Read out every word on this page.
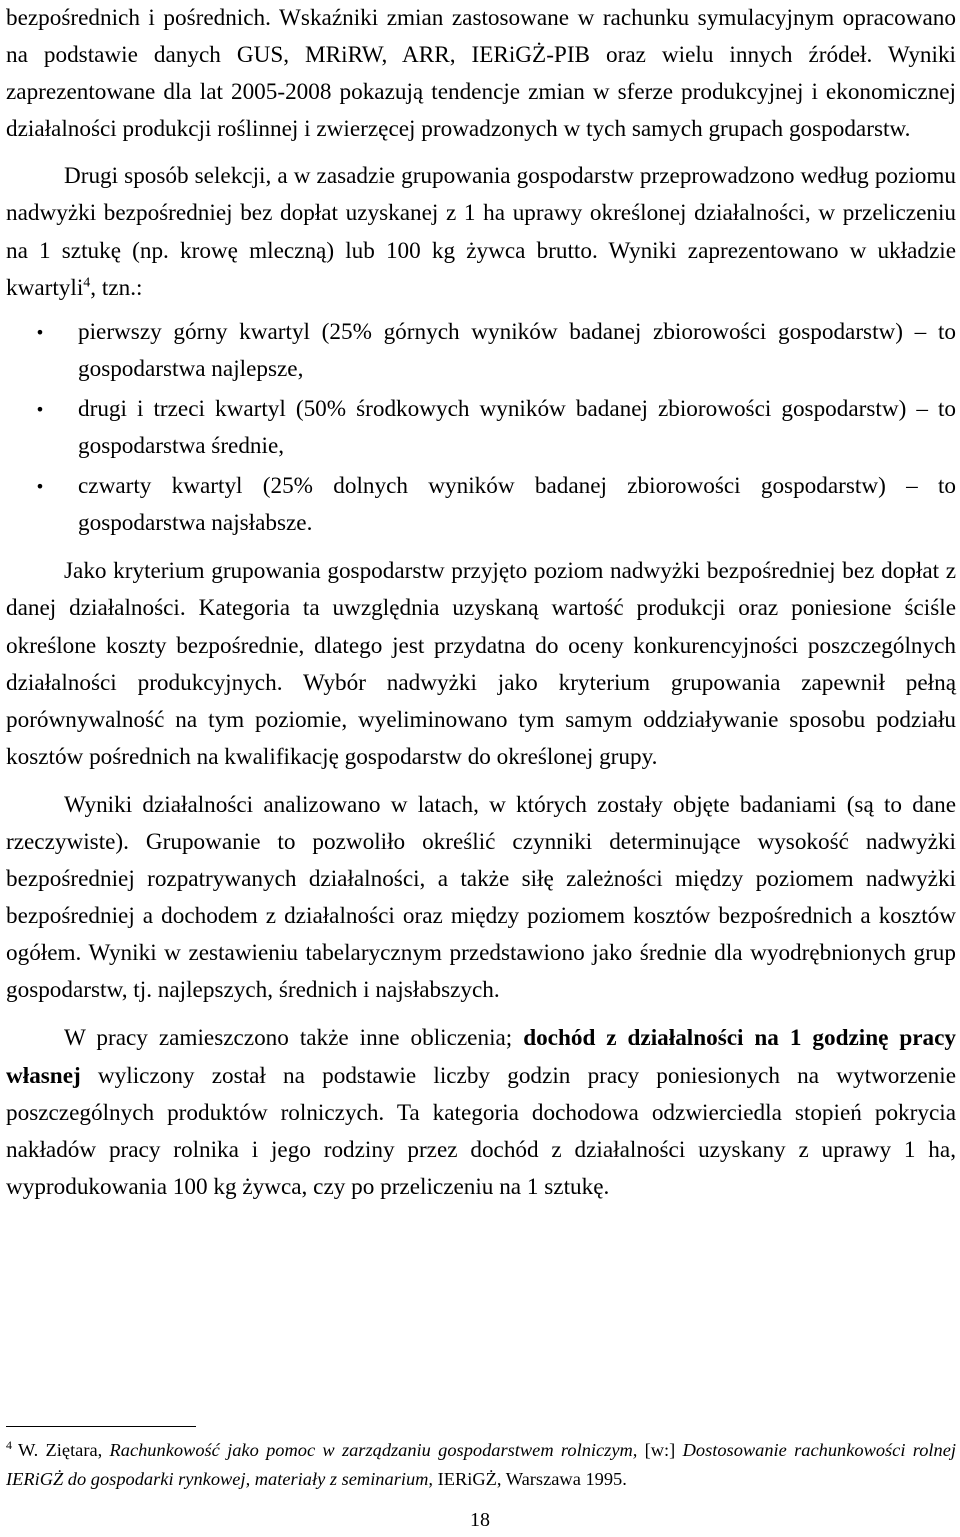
bezpośrednich i pośrednich. Wskaźniki zmian zastosowane w rachunku symulacyjnym opracowano na podstawie danych GUS, MRiRW, ARR, IERiGŻ-PIB oraz wielu innych źródeł. Wyniki zaprezentowane dla lat 2005-2008 pokazują tendencje zmian w sferze produkcyjnej i ekonomicznej działalności produkcji roślinnej i zwierzęcej prowadzonych w tych samych grupach gospodarstw.

Drugi sposób selekcji, a w zasadzie grupowania gospodarstw przeprowadzono według poziomu nadwyżki bezpośredniej bez dopłat uzyskanej z 1 ha uprawy określonej działalności, w przeliczeniu na 1 sztukę (np. krowę mleczną) lub 100 kg żywca brutto. Wyniki zaprezentowano w układzie kwartyli$^4$, tzn.:

• pierwszy górny kwartyl (25% górnych wyników badanej zbiorowości gospodarstw) – to gospodarstwa najlepsze,
• drugi i trzeci kwartyl (50% środkowych wyników badanej zbiorowości gospodarstw) – to gospodarstwa średnie,
• czwarty kwartyl (25% dolnych wyników badanej zbiorowości gospodarstw) – to gospodarstwa najsłabsze.

Jako kryterium grupowania gospodarstw przyjęto poziom nadwyżki bezpośredniej bez dopłat z danej działalności. Kategoria ta uwzględnia uzyskaną wartość produkcji oraz poniesione ściśle określone koszty bezpośrednie, dlatego jest przydatna do oceny konkurencyjności poszczególnych działalności produkcyjnych. Wybór nadwyżki jako kryterium grupowania zapewnił pełną porównywalność na tym poziomie, wyeliminowano tym samym oddziaływanie sposobu podziału kosztów pośrednich na kwalifikację gospodarstw do określonej grupy.

Wyniki działalności analizowano w latach, w których zostały objęte badaniami (są to dane rzeczywiste). Grupowanie to pozwoliło określić czynniki determinujące wysokość nadwyżki bezpośredniej rozpatrywanych działalności, a także siłę zależności między poziomem nadwyżki bezpośredniej a dochodem z działalności oraz między poziomem kosztów bezpośrednich a kosztów ogółem. Wyniki w zestawieniu tabelarycznym przedstawiono jako średnie dla wyodrębnionych grup gospodarstw, tj. najlepszych, średnich i najsłabszych.

W pracy zamieszczono także inne obliczenia; dochód z działalności na 1 godzinę pracy własnej wyliczony został na podstawie liczby godzin pracy poniesionych na wytworzenie poszczególnych produktów rolniczych. Ta kategoria dochodowa odzwierciedla stopień pokrycia nakładów pracy rolnika i jego rodziny przez dochód z działalności uzyskany z uprawy 1 ha, wyprodukowania 100 kg żywca, czy po przeliczeniu na 1 sztukę.

$^4$ W. Ziętara, Rachunkowość jako pomoc w zarządzaniu gospodarstwem rolniczym, [w:] Dostosowanie rachunkowości rolnej IERiGŻ do gospodarki rynkowej, materiały z seminarium, IERiGŻ, Warszawa 1995.
18
